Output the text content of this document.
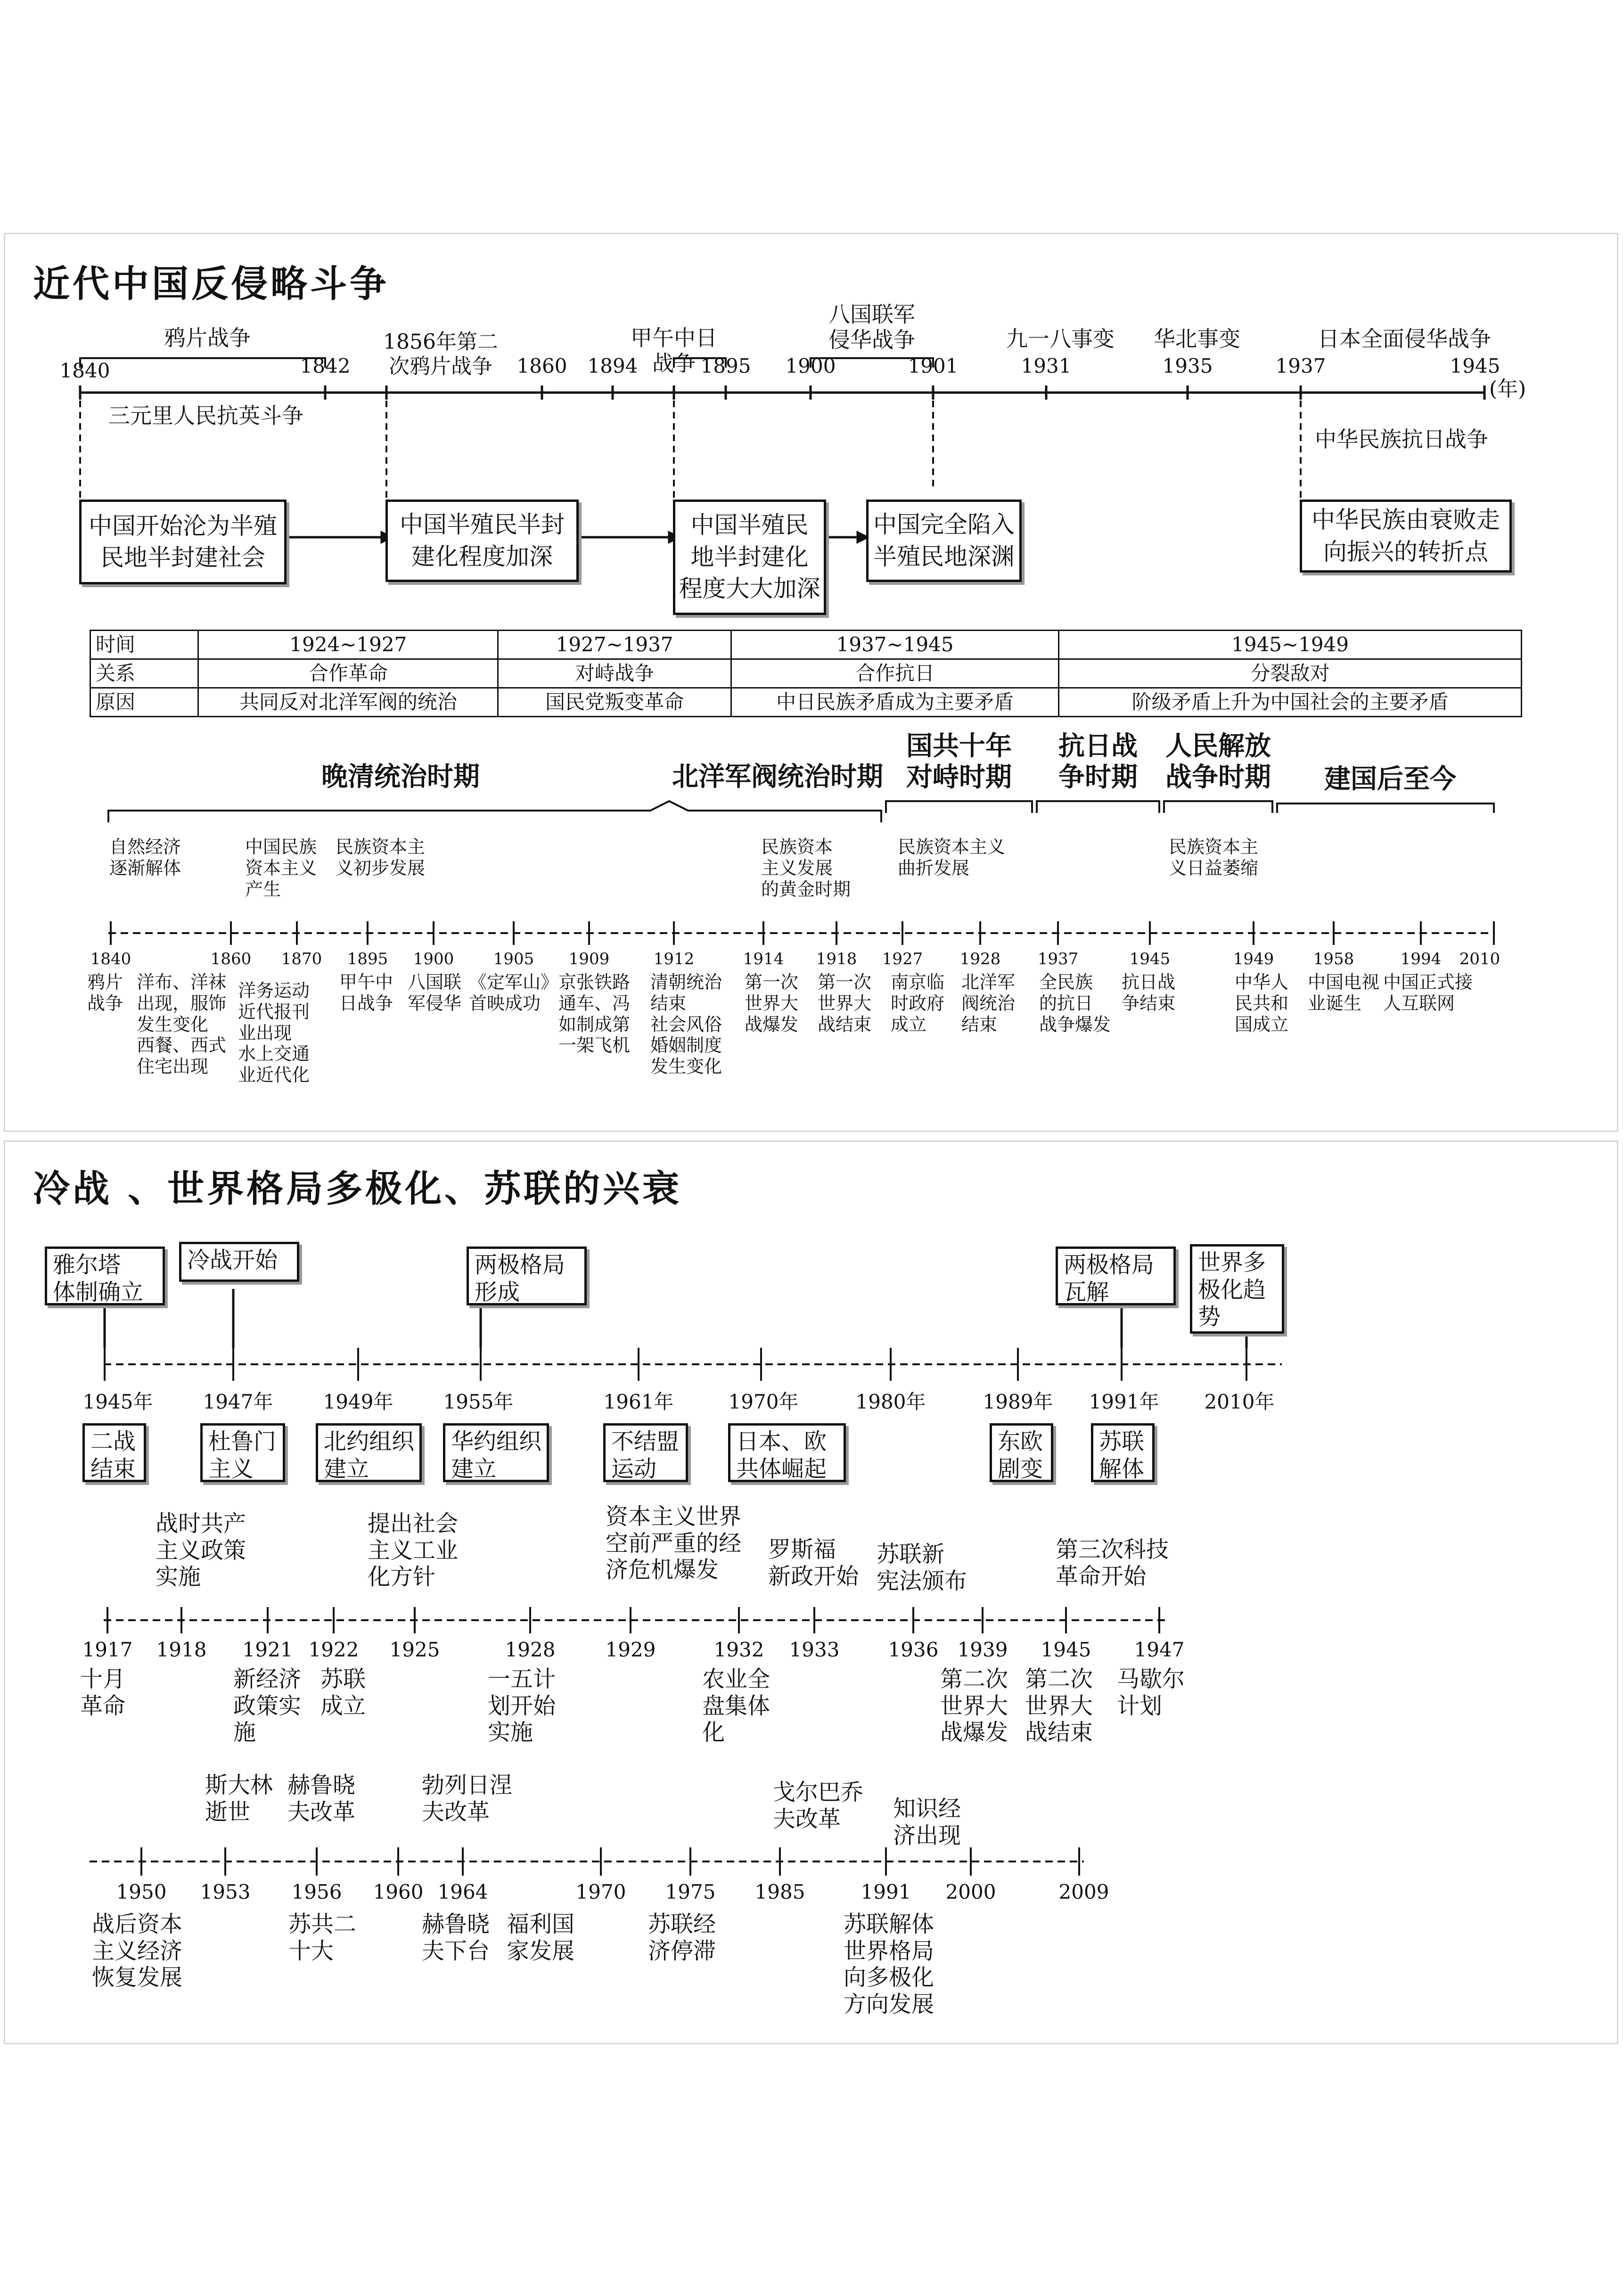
近代中国反侵略斗争
1840	1842
1856年第二
次鸦片战争 1860 1894	1895 1900	1901	1931	1935	1937	1945
(年)
鸦片战争	甲午中日
战争
八国联军
侵华战争	九一八事变 华北事变	日本全面侵华战争
三元里人民抗英斗争
中华民族抗日战争
中国开始沦为半殖
民地半封建社会
中国半殖民半封
建化程度加深
中国半殖民
地半封建化
程度大大加深
中国完全陷入
半殖民地深渊
中华民族由衰败走
向振兴的转折点
时间	1924~1927	1927~1937	1937~1945	1945~1949
关系	合作革命	对峙战争	合作抗日	分裂敌对
原因	共同反对北洋军阀的统治	国民党叛变革命	中日民族矛盾成为主要矛盾	阶级矛盾上升为中国社会的主要矛盾
晚清统治时期	北洋军阀统治时期
国共十年
对峙时期
抗日战
争时期
人民解放
战争时期 建国后至今
自然经济
逐渐解体
中国民族
资本主义
产生
民族资本主
义初步发展
民族资本
主义发展
的黄金时期
民族资本主义
曲折发展
民族资本主
义日益萎缩
1840	1860 1870 1895 1900 1905 1909	1912	1914 1918 1927 1928 1937	1945	1949 1958	1994 2010
鸦片
战争
洋布、洋袜
出现，服饰
发生变化
西餐、西式
住宅出现
洋务运动
近代报刊
业出现
水上交通
业近代化
甲午中
日战争
八国联
军侵华
《定军山》
首映成功
京张铁路
通车、冯
如制成第
一架飞机
清朝统治
结束
社会风俗
婚姻制度
发生变化
第一次
世界大
战爆发
第一次
世界大
战结束
南京临
时政府
成立
北洋军
阀统治
结束
全民族
的抗日
战争爆发
抗日战
争结束
中华人
民共和
国成立
中国电视
业诞生
中国正式接
人互联网
冷战 、世界格局多极化、苏联的兴衰
雅尔塔
体制确立
冷战开始	两极格局
形成
两极格局
瓦解
世界多
极化趋
势
1945年	1947年	1949年	1955年	1961年	1970年	1980年	1989年 1991年 2010年
二战
结束
杜鲁门
主义
北约组织
建立
华约组织
建立
不结盟
运动
日本、欧
共体崛起
东欧
剧变
苏联
解体
战时共产
主义政策
实施
提出社会
主义工业
化方针
资本主义世界
空前严重的经
济危机爆发
罗斯福
新政开始
苏联新
宪法颁布
第三次科技
革命开始
1917 1918 1921 1922 1925	1928	1929	1932 1933 1936 1939 1945 1947
十月
革命
新经济
政策实
施
苏联
成立
一五计
划开始
实施
农业全
盘集体
化
第二次
世界大
战爆发
第二次
世界大
战结束
马歇尔
计划
斯大林
逝世
赫鲁晓
夫改革
勃列日涅
夫改革
戈尔巴乔
夫改革	知识经
济出现
1950 1953 1956 1960 1964	1970 1975 1985	1991 2000	2009
战后资本
主义经济
恢复发展
苏共二
十大
赫鲁晓
夫下台
福利国
家发展
苏联经
济停滞
苏联解体
世界格局
向多极化
方向发展
